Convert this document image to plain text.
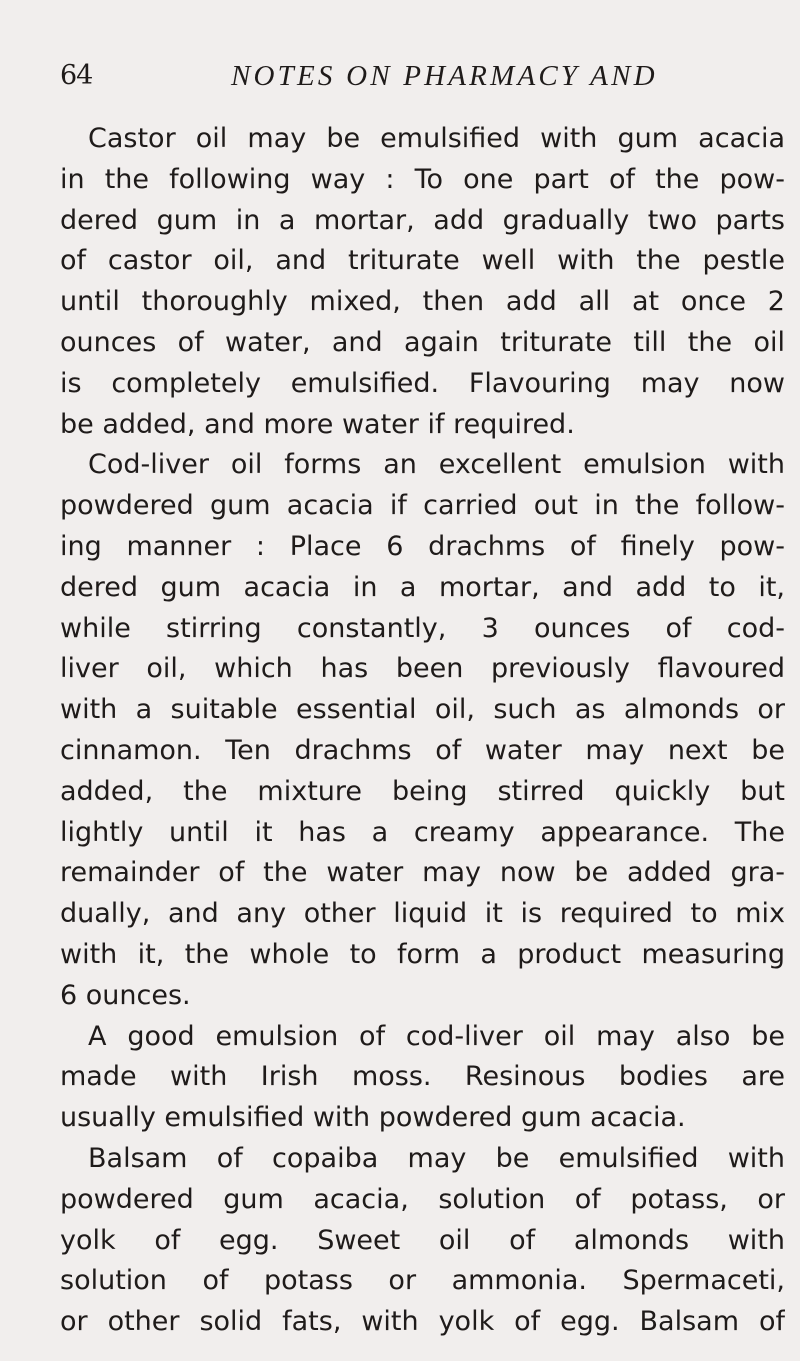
64	NOTES ON PHARMACY AND
Castor oil may be emulsified with gum acacia
in the following way : To one part of the pow-
dered gum in a mortar, add gradually two parts
of castor oil, and triturate well with the pestle
until thoroughly mixed, then add all at once 2
ounces of water, and again triturate till the oil
is completely emulsified. Flavouring may now
be added, and more water if required.
Cod-liver oil forms an excellent emulsion with
powdered gum acacia if carried out in the follow-
ing manner : Place 6 drachms of finely pow-
dered gum acacia in a mortar, and add to it,
while stirring constantly, 3 ounces of cod-
liver oil, which has been previously flavoured
with a suitable essential oil, such as almonds or
cinnamon. Ten drachms of water may next be
added, the mixture being stirred quickly but
lightly until it has a creamy appearance. The
remainder of the water may now be added gra-
dually, and any other liquid it is required to mix
with it, the whole to form a product measuring
6 ounces.
A good emulsion of cod-liver oil may also be
made with Irish moss. Resinous bodies are
usually emulsified with powdered gum acacia.
Balsam of copaiba may be emulsified with
powdered gum acacia, solution of potass, or
yolk of egg. Sweet oil of almonds with
solution of potass or ammonia. Spermaceti,
or other solid fats, with yolk of egg. Balsam of
